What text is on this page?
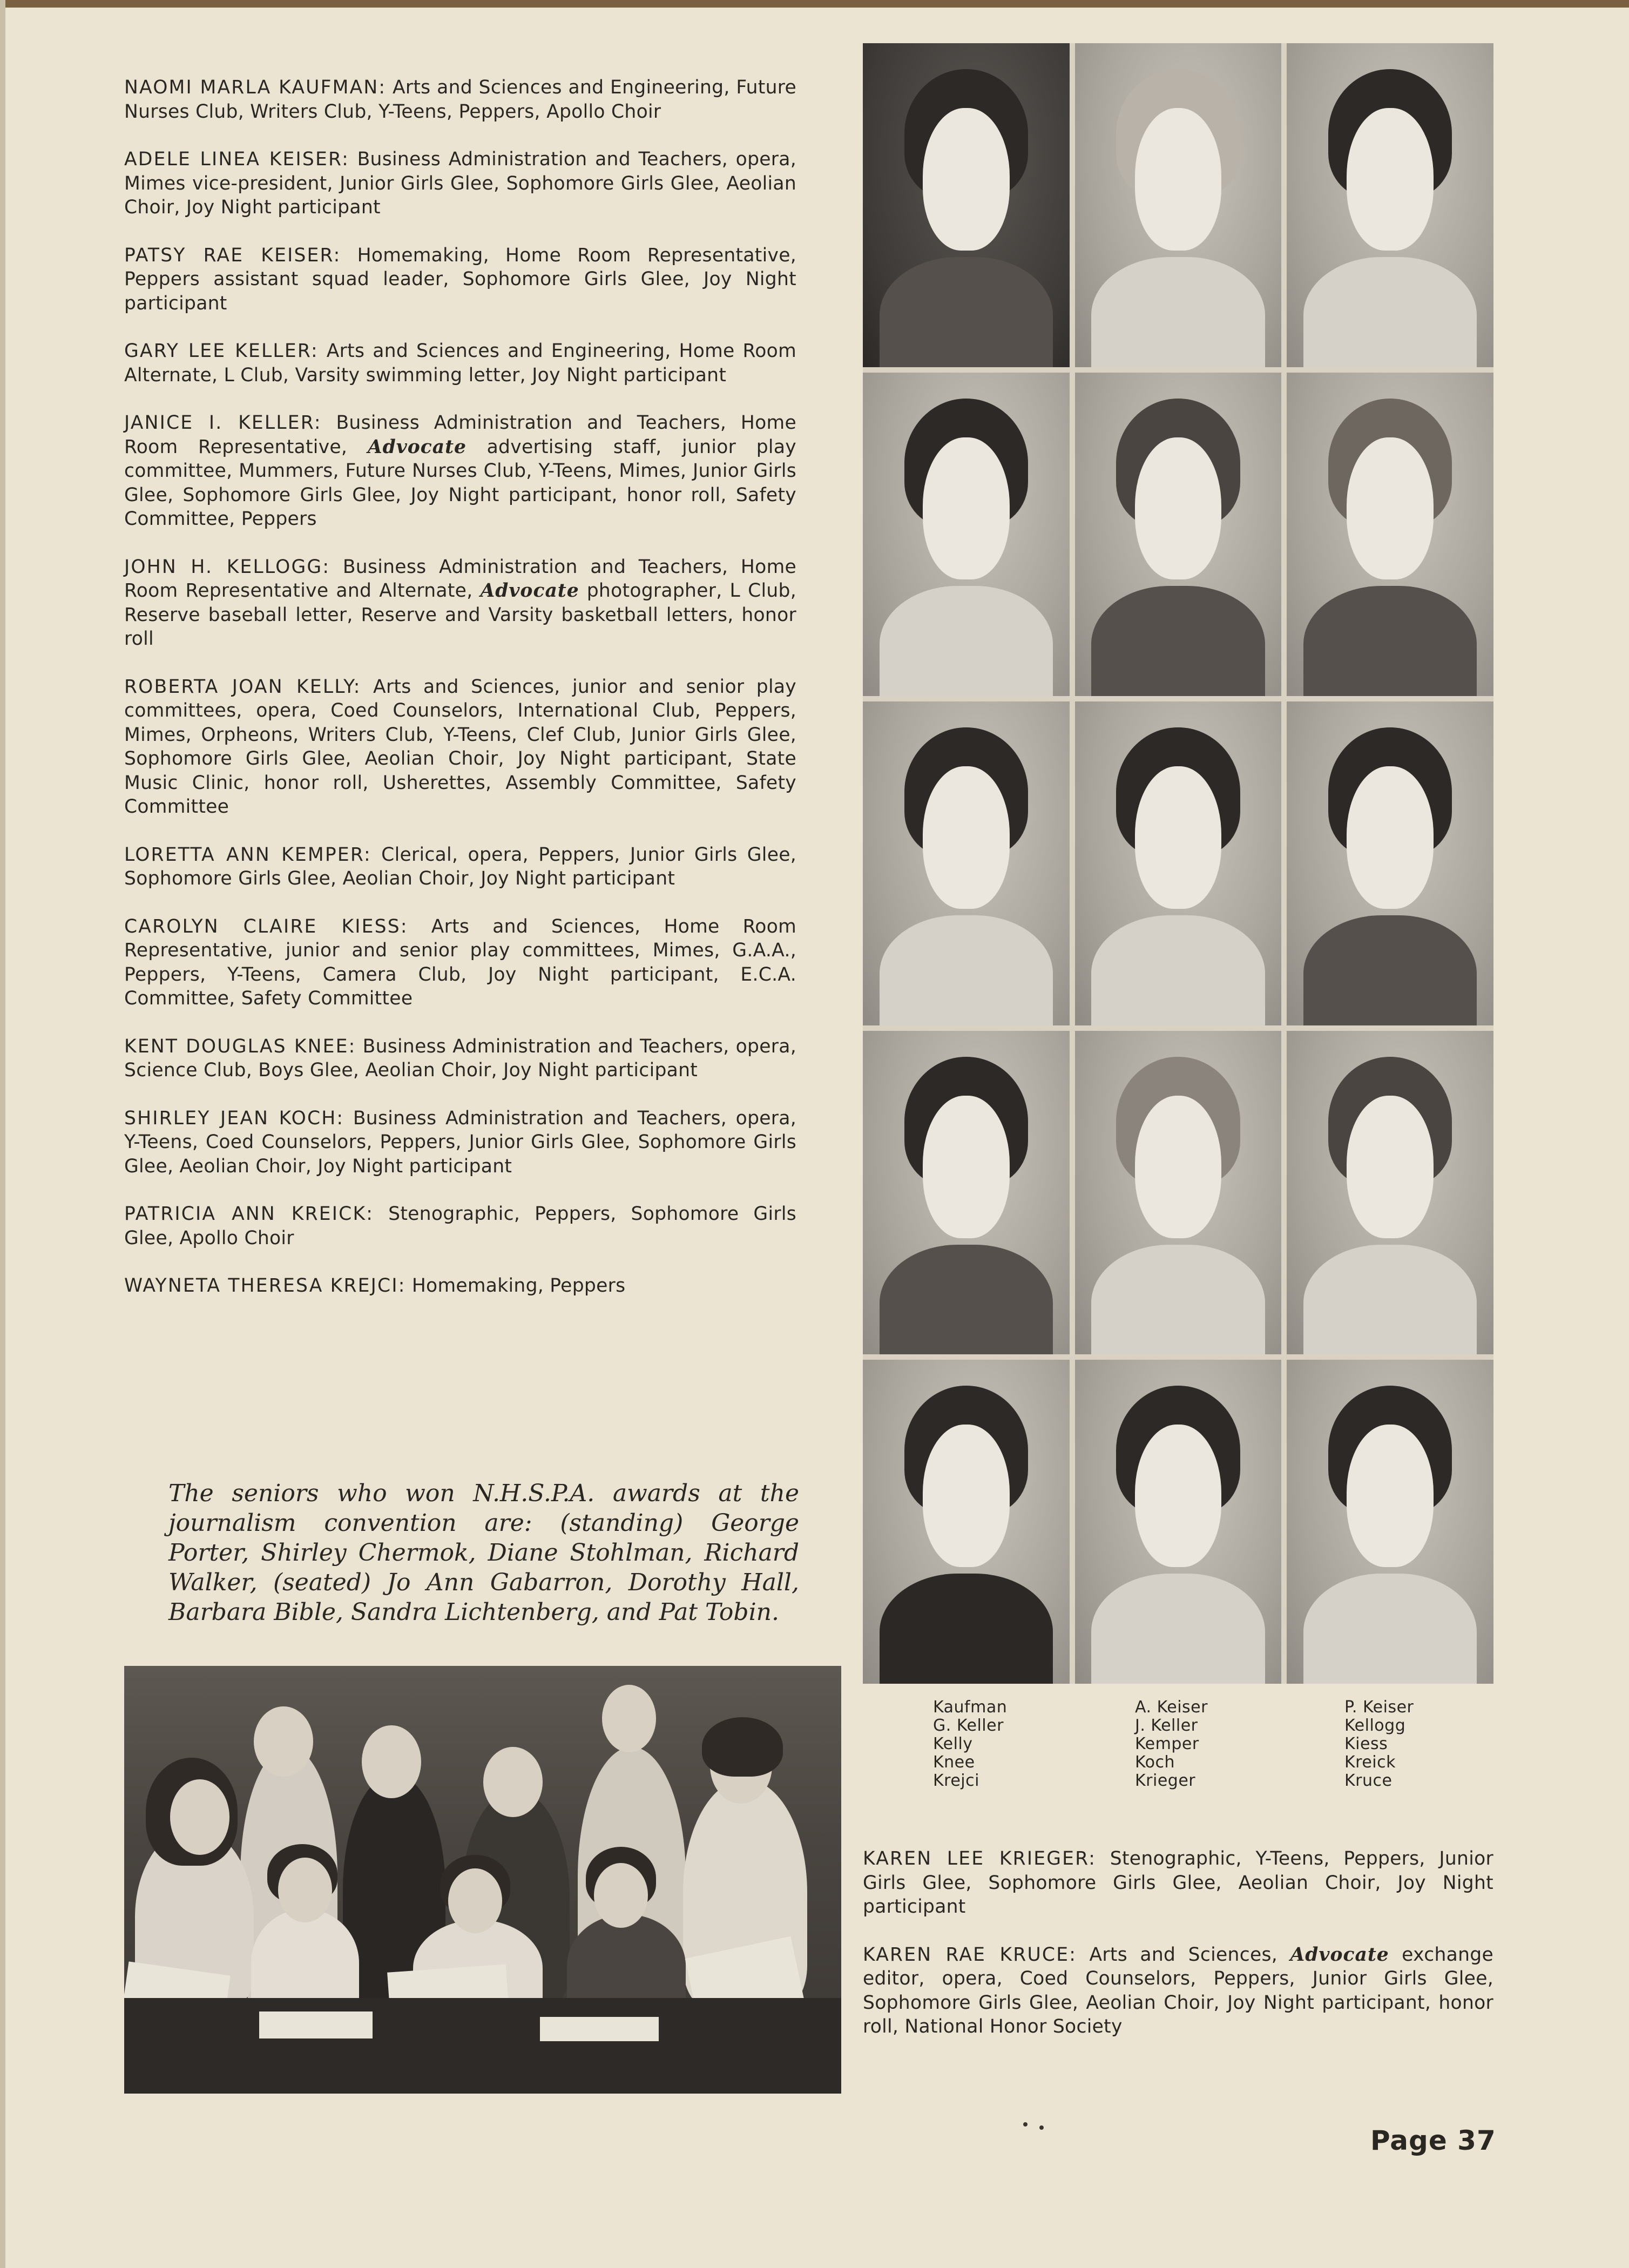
NAOMI MARLA KAUFMAN: Arts and Sciences and Engineering, Future Nurses Club, Writers Club, Y-Teens, Peppers, Apollo Choir

ADELE LINEA KEISER: Business Administration and Teachers, opera, Mimes vice-president, Junior Girls Glee, Sophomore Girls Glee, Aeolian Choir, Joy Night participant

PATSY RAE KEISER: Homemaking, Home Room Representative, Peppers assistant squad leader, Sophomore Girls Glee, Joy Night participant

GARY LEE KELLER: Arts and Sciences and Engineering, Home Room Alternate, L Club, Varsity swimming letter, Joy Night participant

JANICE I. KELLER: Business Administration and Teachers, Home Room Representative, Advocate advertising staff, junior play committee, Mummers, Future Nurses Club, Y-Teens, Mimes, Junior Girls Glee, Sophomore Girls Glee, Joy Night participant, honor roll, Safety Committee, Peppers

JOHN H. KELLOGG: Business Administration and Teachers, Home Room Representative and Alternate, Advocate photographer, L Club, Reserve baseball letter, Reserve and Varsity basketball letters, honor roll

ROBERTA JOAN KELLY: Arts and Sciences, junior and senior play committees, opera, Coed Counselors, International Club, Peppers, Mimes, Orpheons, Writers Club, Y-Teens, Clef Club, Junior Girls Glee, Sophomore Girls Glee, Aeolian Choir, Joy Night participant, State Music Clinic, honor roll, Usherettes, Assembly Committee, Safety Committee

LORETTA ANN KEMPER: Clerical, opera, Peppers, Junior Girls Glee, Sophomore Girls Glee, Aeolian Choir, Joy Night participant

CAROLYN CLAIRE KIESS: Arts and Sciences, Home Room Representative, junior and senior play committees, Mimes, G.A.A., Peppers, Y-Teens, Camera Club, Joy Night participant, E.C.A. Committee, Safety Committee

KENT DOUGLAS KNEE: Business Administration and Teachers, opera, Science Club, Boys Glee, Aeolian Choir, Joy Night participant

SHIRLEY JEAN KOCH: Business Administration and Teachers, opera, Y-Teens, Coed Counselors, Peppers, Junior Girls Glee, Sophomore Girls Glee, Aeolian Choir, Joy Night participant

PATRICIA ANN KREICK: Stenographic, Peppers, Sophomore Girls Glee, Apollo Choir

WAYNETA THERESA KREJCI: Homemaking, Peppers

The seniors who won N.H.S.P.A. awards at the journalism convention are: (standing) George Porter, Shirley Chermok, Diane Stohlman, Richard Walker, (seated) Jo Ann Gabarron, Dorothy Hall, Barbara Bible, Sandra Lichtenberg, and Pat Tobin.
Kaufman
G. Keller
Kelly
Knee
Krejci
A. Keiser
J. Keller
Kemper
Koch
Krieger
P. Keiser
Kellogg
Kiess
Kreick
Kruce

KAREN LEE KRIEGER: Stenographic, Y-Teens, Peppers, Junior Girls Glee, Sophomore Girls Glee, Aeolian Choir, Joy Night participant

KAREN RAE KRUCE: Arts and Sciences, Advocate exchange editor, opera, Coed Counselors, Peppers, Junior Girls Glee, Sophomore Girls Glee, Aeolian Choir, Joy Night participant, honor roll, National Honor Society

Page 37
